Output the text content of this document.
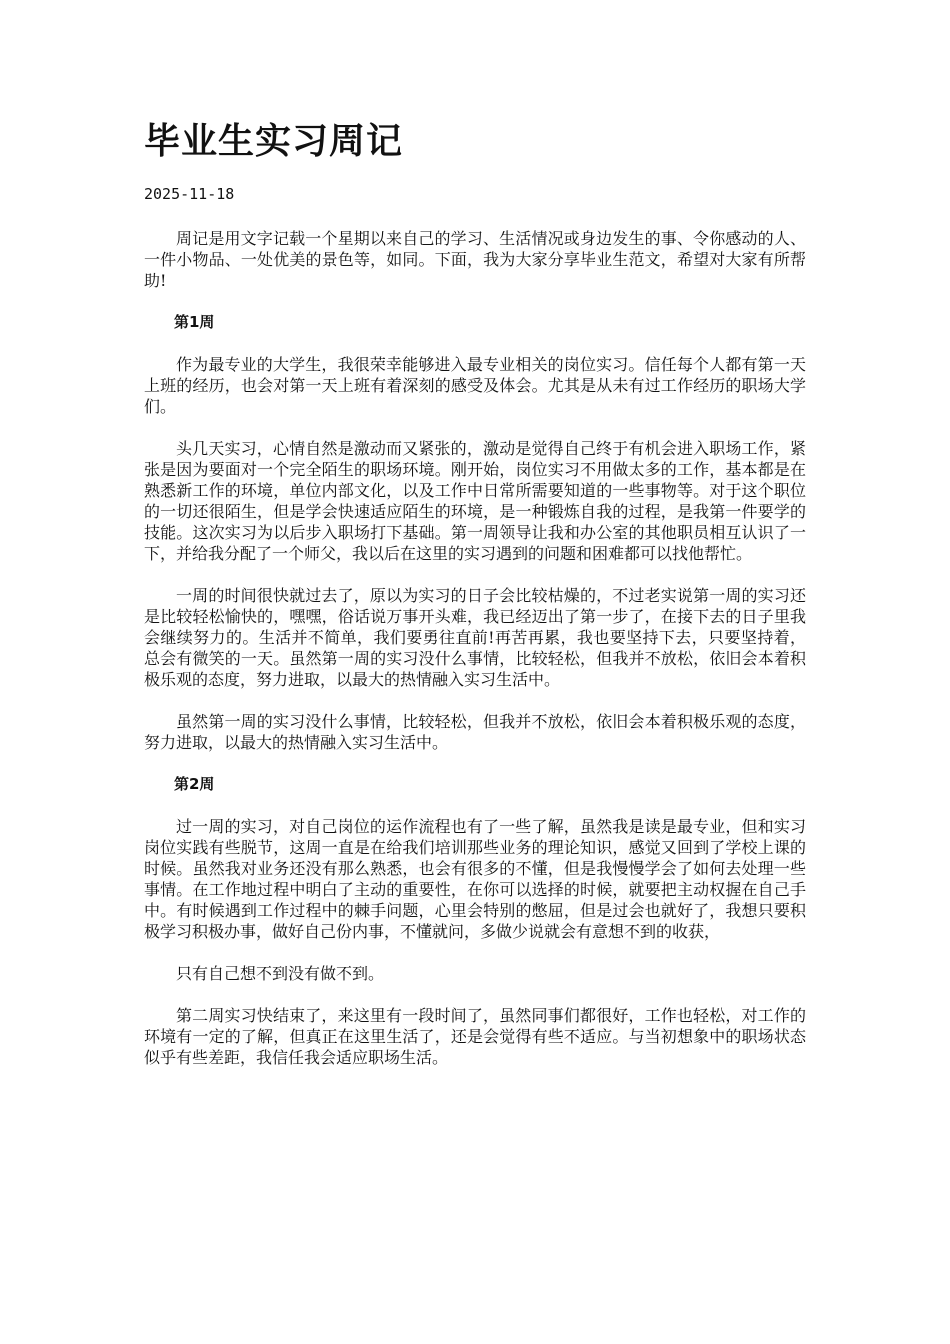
毕业生实习周记
2025-11-18

周记是用文字记载一个星期以来自己的学习、生活情况或身边发生的事、令你感动的人、一件小物品、一处优美的景色等，如同。下面，我为大家分享毕业生范文，希望对大家有所帮助!

第1周

作为最专业的大学生，我很荣幸能够进入最专业相关的岗位实习。信任每个人都有第一天上班的经历，也会对第一天上班有着深刻的感受及体会。尤其是从未有过工作经历的职场大学们。

头几天实习，心情自然是激动而又紧张的，激动是觉得自己终于有机会进入职场工作，紧张是因为要面对一个完全陌生的职场环境。刚开始，岗位实习不用做太多的工作，基本都是在熟悉新工作的环境，单位内部文化，以及工作中日常所需要知道的一些事物等。对于这个职位的一切还很陌生，但是学会快速适应陌生的环境，是一种锻炼自我的过程，是我第一件要学的技能。这次实习为以后步入职场打下基础。第一周领导让我和办公室的其他职员相互认识了一下，并给我分配了一个师父，我以后在这里的实习遇到的问题和困难都可以找他帮忙。

一周的时间很快就过去了，原以为实习的日子会比较枯燥的，不过老实说第一周的实习还是比较轻松愉快的，嘿嘿，俗话说万事开头难，我已经迈出了第一步了，在接下去的日子里我会继续努力的。生活并不简单，我们要勇往直前!再苦再累，我也要坚持下去，只要坚持着，总会有微笑的一天。虽然第一周的实习没什么事情，比较轻松，但我并不放松，依旧会本着积极乐观的态度，努力进取，以最大的热情融入实习生活中。

虽然第一周的实习没什么事情，比较轻松，但我并不放松，依旧会本着积极乐观的态度，努力进取，以最大的热情融入实习生活中。

第2周

过一周的实习，对自己岗位的运作流程也有了一些了解，虽然我是读是最专业，但和实习岗位实践有些脱节，这周一直是在给我们培训那些业务的理论知识，感觉又回到了学校上课的时候。虽然我对业务还没有那么熟悉，也会有很多的不懂，但是我慢慢学会了如何去处理一些事情。在工作地过程中明白了主动的重要性，在你可以选择的时候，就要把主动权握在自己手中。有时候遇到工作过程中的棘手问题，心里会特别的憋屈，但是过会也就好了，我想只要积极学习积极办事，做好自己份内事，不懂就问，多做少说就会有意想不到的收获，

只有自己想不到没有做不到。

第二周实习快结束了，来这里有一段时间了，虽然同事们都很好，工作也轻松，对工作的环境有一定的了解，但真正在这里生活了，还是会觉得有些不适应。与当初想象中的职场状态似乎有些差距，我信任我会适应职场生活。
